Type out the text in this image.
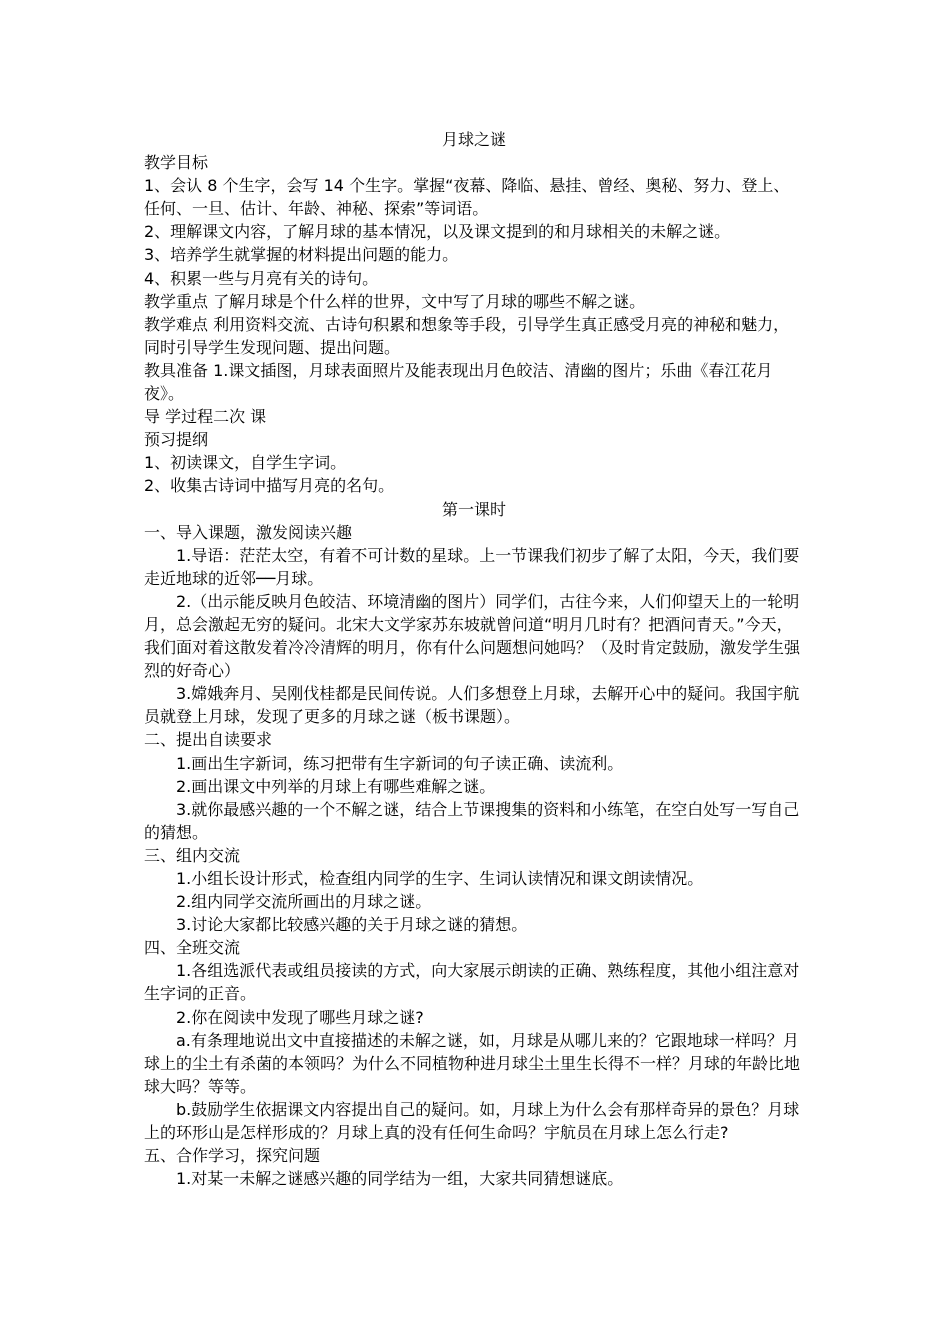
月球之谜

教学目标

1、会认 8 个生字，会写 14 个生字。掌握“夜幕、降临、悬挂、曾经、奥秘、努力、登上、任何、一旦、估计、年龄、神秘、探索”等词语。

2、理解课文内容，了解月球的基本情况，以及课文提到的和月球相关的未解之谜。

3、培养学生就掌握的材料提出问题的能力。

4、积累一些与月亮有关的诗句。

教学重点 了解月球是个什么样的世界，文中写了月球的哪些不解之谜。

教学难点 利用资料交流、古诗句积累和想象等手段，引导学生真正感受月亮的神秘和魅力，同时引导学生发现问题、提出问题。

教具准备 1.课文插图，月球表面照片及能表现出月色皎洁、清幽的图片；乐曲《春江花月夜》。

导 学过程二次 课

预习提纲

1、初读课文，自学生字词。

2、收集古诗词中描写月亮的名句。

第一课时

一、导入课题，激发阅读兴趣

1.导语：茫茫太空，有着不可计数的星球。上一节课我们初步了解了太阳，今天，我们要走近地球的近邻──月球。

2.（出示能反映月色皎洁、环境清幽的图片）同学们，古往今来，人们仰望天上的一轮明月，总会激起无穷的疑问。北宋大文学家苏东坡就曾问道“明月几时有？把酒问青天。”今天，我们面对着这散发着冷冷清辉的明月，你有什么问题想问她吗？（及时肯定鼓励，激发学生强烈的好奇心）

3.嫦娥奔月、吴刚伐桂都是民间传说。人们多想登上月球，去解开心中的疑问。我国宇航员就登上月球，发现了更多的月球之谜（板书课题）。

二、提出自读要求

1.画出生字新词，练习把带有生字新词的句子读正确、读流利。

2.画出课文中列举的月球上有哪些难解之谜。

3.就你最感兴趣的一个不解之谜，结合上节课搜集的资料和小练笔，在空白处写一写自己的猜想。

三、组内交流

1.小组长设计形式，检查组内同学的生字、生词认读情况和课文朗读情况。

2.组内同学交流所画出的月球之谜。

3.讨论大家都比较感兴趣的关于月球之谜的猜想。

四、全班交流

1.各组选派代表或组员接读的方式，向大家展示朗读的正确、熟练程度，其他小组注意对生字词的正音。

2.你在阅读中发现了哪些月球之谜?

a.有条理地说出文中直接描述的未解之谜，如，月球是从哪儿来的？它跟地球一样吗？月球上的尘土有杀菌的本领吗？为什么不同植物种进月球尘土里生长得不一样？月球的年龄比地球大吗？等等。

b.鼓励学生依据课文内容提出自己的疑问。如，月球上为什么会有那样奇异的景色？月球上的环形山是怎样形成的？月球上真的没有任何生命吗？宇航员在月球上怎么行走?

五、合作学习，探究问题

1.对某一未解之谜感兴趣的同学结为一组，大家共同猜想谜底。
